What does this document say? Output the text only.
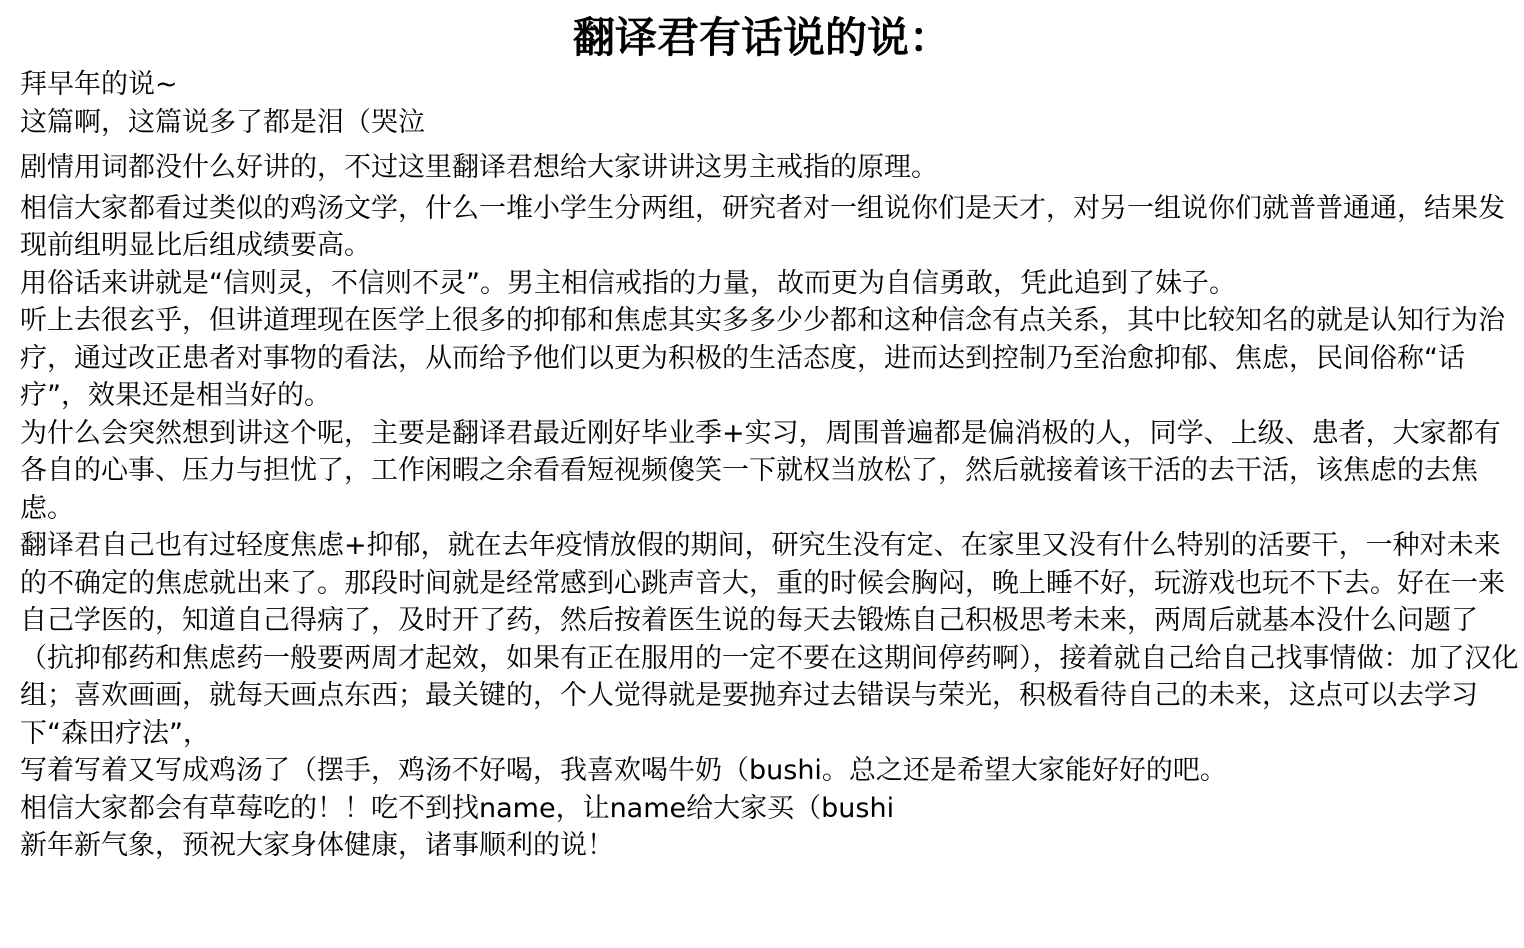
翻译君有话说的说：

拜早年的说~

这篇啊，这篇说多了都是泪（哭泣

剧情用词都没什么好讲的，不过这里翻译君想给大家讲讲这男主戒指的原理。

相信大家都看过类似的鸡汤文学，什么一堆小学生分两组，研究者对一组说你们是天才，对另一组说你们就普普通通，结果发现前组明显比后组成绩要高。

用俗话来讲就是“信则灵，不信则不灵”。男主相信戒指的力量，故而更为自信勇敢，凭此追到了妹子。

听上去很玄乎，但讲道理现在医学上很多的抑郁和焦虑其实多多少少都和这种信念有点关系，其中比较知名的就是认知行为治疗，通过改正患者对事物的看法，从而给予他们以更为积极的生活态度，进而达到控制乃至治愈抑郁、焦虑，民间俗称“话疗”，效果还是相当好的。

为什么会突然想到讲这个呢，主要是翻译君最近刚好毕业季+实习，周围普遍都是偏消极的人，同学、上级、患者，大家都有各自的心事、压力与担忧了，工作闲暇之余看看短视频傻笑一下就权当放松了，然后就接着该干活的去干活，该焦虑的去焦虑。

翻译君自己也有过轻度焦虑+抑郁，就在去年疫情放假的期间，研究生没有定、在家里又没有什么特别的活要干，一种对未来的不确定的焦虑就出来了。那段时间就是经常感到心跳声音大，重的时候会胸闷，晚上睡不好，玩游戏也玩不下去。好在一来自己学医的，知道自己得病了，及时开了药，然后按着医生说的每天去锻炼自己积极思考未来，两周后就基本没什么问题了（抗抑郁药和焦虑药一般要两周才起效，如果有正在服用的一定不要在这期间停药啊），接着就自己给自己找事情做：加了汉化组；喜欢画画，就每天画点东西；最关键的，个人觉得就是要抛弃过去错误与荣光，积极看待自己的未来，这点可以去学习下“森田疗法”，

写着写着又写成鸡汤了（摆手，鸡汤不好喝，我喜欢喝牛奶（bushi。总之还是希望大家能好好的吧。

相信大家都会有草莓吃的！！吃不到找name，让name给大家买（bushi

新年新气象，预祝大家身体健康，诸事顺利的说！
